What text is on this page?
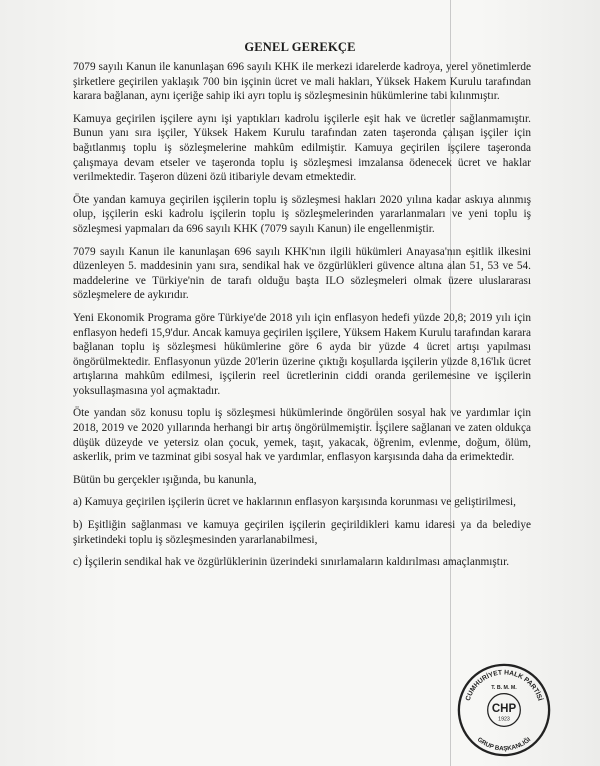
GENEL GEREKÇE

7079 sayılı Kanun ile kanunlaşan 696 sayılı KHK ile merkezi idarelerde kadroya, yerel yönetimlerde şirketlere geçirilen yaklaşık 700 bin işçinin ücret ve mali hakları, Yüksek Hakem Kurulu tarafından karara bağlanan, aynı içeriğe sahip iki ayrı toplu iş sözleşmesinin hükümlerine tabi kılınmıştır.

Kamuya geçirilen işçilere aynı işi yaptıkları kadrolu işçilerle eşit hak ve ücretler sağlanmamıştır. Bunun yanı sıra işçiler, Yüksek Hakem Kurulu tarafından zaten taşeronda çalışan işçiler için bağıtlanmış toplu iş sözleşmelerine mahkûm edilmiştir. Kamuya geçirilen işçilere taşeronda çalışmaya devam etseler ve taşeronda toplu iş sözleşmesi imzalansa ödenecek ücret ve haklar verilmektedir. Taşeron düzeni özü itibariyle devam etmektedir.

Öte yandan kamuya geçirilen işçilerin toplu iş sözleşmesi hakları 2020 yılına kadar askıya alınmış olup, işçilerin eski kadrolu işçilerin toplu iş sözleşmelerinden yararlanmaları ve yeni toplu iş sözleşmesi yapmaları da 696 sayılı KHK (7079 sayılı Kanun) ile engellenmiştir.

7079 sayılı Kanun ile kanunlaşan 696 sayılı KHK'nın ilgili hükümleri Anayasa'nın eşitlik ilkesini düzenleyen 5. maddesinin yanı sıra, sendikal hak ve özgürlükleri güvence altına alan 51, 53 ve 54. maddelerine ve Türkiye'nin de tarafı olduğu başta ILO sözleşmeleri olmak üzere uluslararası sözleşmelere de aykırıdır.

Yeni Ekonomik Programa göre Türkiye'de 2018 yılı için enflasyon hedefi yüzde 20,8; 2019 yılı için enflasyon hedefi 15,9'dur. Ancak kamuya geçirilen işçilere, Yüksem Hakem Kurulu tarafından karara bağlanan toplu iş sözleşmesi hükümlerine göre 6 ayda bir yüzde 4 ücret artışı yapılması öngörülmektedir. Enflasyonun yüzde 20'lerin üzerine çıktığı koşullarda işçilerin yüzde 8,16'lık ücret artışlarına mahkûm edilmesi, işçilerin reel ücretlerinin ciddi oranda gerilemesine ve işçilerin yoksullaşmasına yol açmaktadır.

Öte yandan söz konusu toplu iş sözleşmesi hükümlerinde öngörülen sosyal hak ve yardımlar için 2018, 2019 ve 2020 yıllarında herhangi bir artış öngörülmemiştir. İşçilere sağlanan ve zaten oldukça düşük düzeyde ve yetersiz olan çocuk, yemek, taşıt, yakacak, öğrenim, evlenme, doğum, ölüm, askerlik, prim ve tazminat gibi sosyal hak ve yardımlar, enflasyon karşısında daha da erimektedir.

Bütün bu gerçekler ışığında, bu kanunla,

a) Kamuya geçirilen işçilerin ücret ve haklarının enflasyon karşısında korunması ve geliştirilmesi,

b) Eşitliğin sağlanması ve kamuya geçirilen işçilerin geçirildikleri kamu idaresi ya da belediye şirketindeki toplu iş sözleşmesinden yararlanabilmesi,

c) İşçilerin sendikal hak ve özgürlüklerinin üzerindeki sınırlamaların kaldırılması amaçlanmıştır.

CUMHURİYET HALK PARTİSİ
GRUP BAŞKANLIĞI
T. B. M. M.
CHP
1923
